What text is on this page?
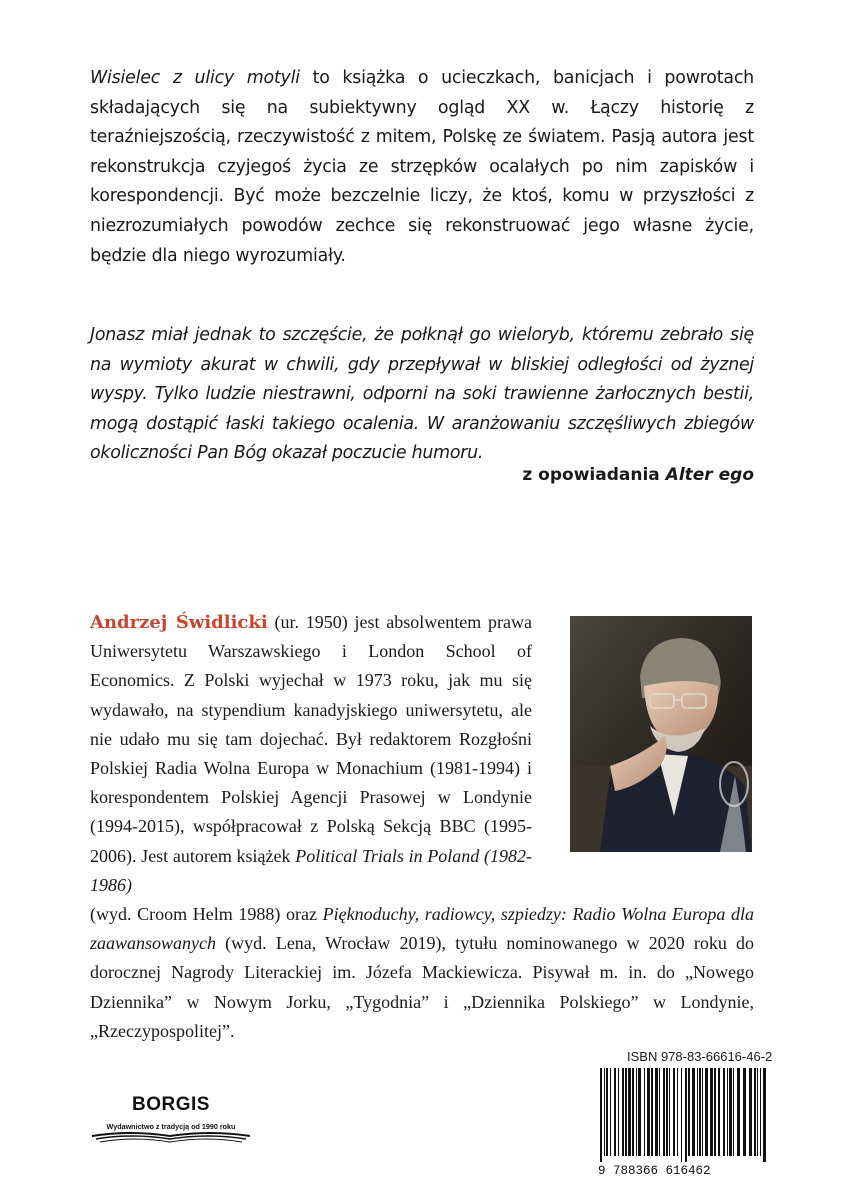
Wisielec z ulicy motyli to książka o ucieczkach, banicjach i powrotach składających się na subiektywny ogląd XX w. Łączy historię z teraźniejszością, rzeczywistość z mitem, Polskę ze światem. Pasją autora jest rekonstrukcja czyjegoś życia ze strzępków ocalałych po nim zapisków i korespondencji. Być może bezczelnie liczy, że ktoś, komu w przyszłości z niezrozumiałych powodów zechce się rekonstruować jego własne życie, będzie dla niego wyrozumiały.
Jonasz miał jednak to szczęście, że połknął go wieloryb, któremu zebrało się na wymioty akurat w chwili, gdy przepływał w bliskiej odległości od żyznej wyspy. Tylko ludzie niestrawni, odporni na soki trawienne żarłocznych bestii, mogą dostąpić łaski takiego ocalenia. W aranżowaniu szczęśliwych zbiegów okoliczności Pan Bóg okazał poczucie humoru.
z opowiadania Alter ego
Andrzej Świdlicki (ur. 1950) jest absolwentem prawa Uniwersytetu Warszawskiego i London School of Economics. Z Polski wyjechał w 1973 roku, jak mu się wydawało, na stypendium kanadyjskiego uniwersytetu, ale nie udało mu się tam dojechać. Był redaktorem Rozgłośni Polskiej Radia Wolna Europa w Monachium (1981-1994) i korespondentem Polskiej Agencji Prasowej w Londynie (1994-2015), współpracował z Polską Sekcją BBC (1995-2006). Jest autorem książek Political Trials in Poland (1982-1986)
(wyd. Croom Helm 1988) oraz Pięknoduchy, radiowcy, szpiedzy: Radio Wolna Europa dla zaawansowanych (wyd. Lena, Wrocław 2019), tytułu nominowanego w 2020 roku do dorocznej Nagrody Literackiej im. Józefa Mackiewicza. Pisywał m. in. do „Nowego Dziennika” w Nowym Jorku, „Tygodnia” i „Dziennika Polskiego” w Londynie, „Rzeczypospolitej”.
ISBN 978-83-66616-46-2
9 788366 616462
BORGIS
Wydawnictwo z tradycją od 1990 roku
